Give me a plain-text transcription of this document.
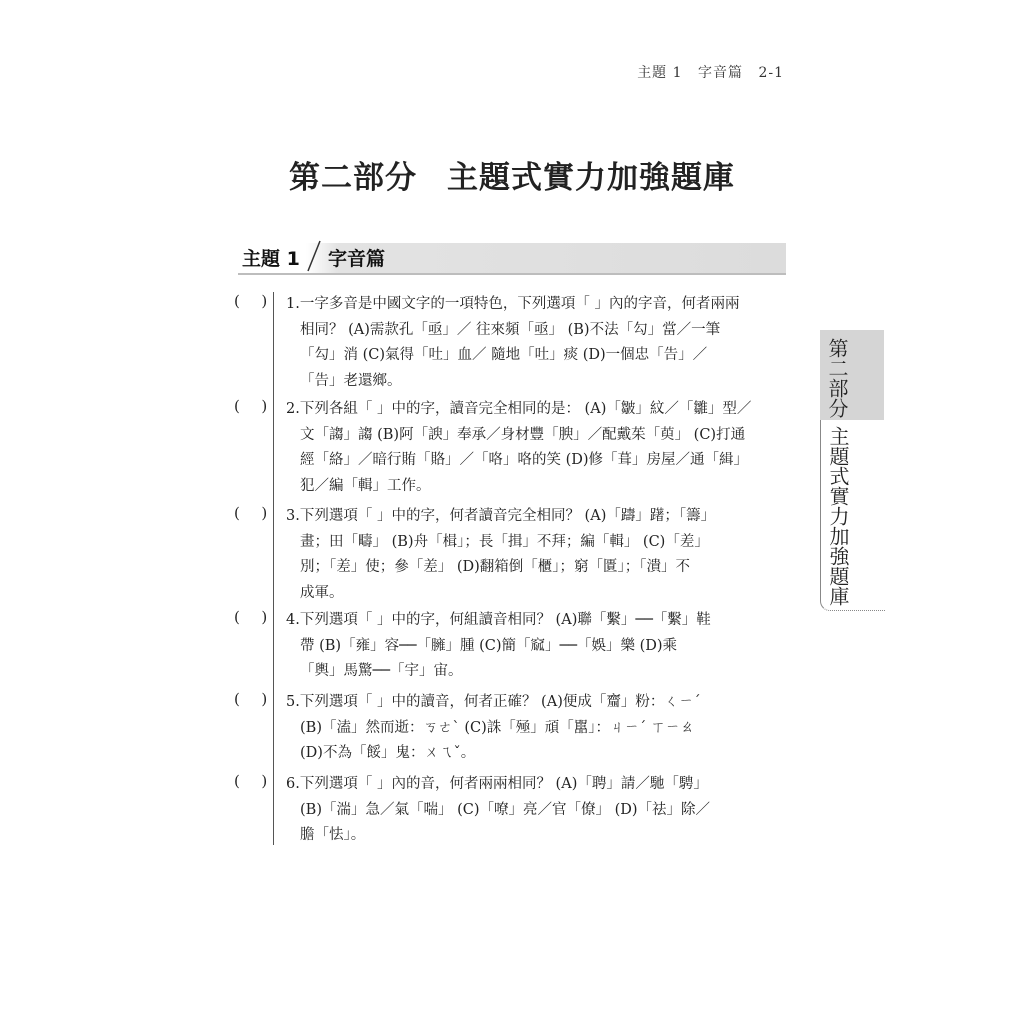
主題 1 字音篇 2-1
第二部分 主題式實力加強題庫
主題 1 字音篇
(  ) 1.一字多音是中國文字的一項特色，下列選項「 」內的字音，何者兩兩
相同？ (A)需款孔「亟」／ 往來頻「亟」 (B)不法「勾」當／一筆
「勾」消 (C)氣得「吐」血／ 隨地「吐」痰 (D)一個忠「告」／
「告」老還鄉。
(  ) 2.下列各組「 」中的字，讀音完全相同的是： (A)「皺」紋／「雛」型／
文「謅」謅 (B)阿「諛」奉承／身材豐「腴」／配戴茱「萸」 (C)打通
經「絡」／暗行賄「賂」／「咯」咯的笑 (D)修「葺」房屋／通「緝」
犯／編「輯」工作。
(  ) 3.下列選項「 」中的字，何者讀音完全相同？ (A)「躊」躇；「籌」
畫；田「疇」 (B)舟「楫」；長「揖」不拜；編「輯」 (C)「差」
別；「差」使；參「差」 (D)翻箱倒「櫃」；窮「匱」；「潰」不
成軍。
(  ) 4.下列選項「 」中的字，何組讀音相同？ (A)聯「繫」──「繫」鞋
帶 (B)「雍」容──「臃」腫 (C)簡「窳」──「娛」樂 (D)乘
「輿」馬驚──「宇」宙。
(  ) 5.下列選項「 」中的讀音，何者正確？ (A)便成「齏」粉：ㄑㄧˊ
(B)「溘」然而逝：ㄎㄜˋ (C)誅「殛」頑「嚚」：ㄐㄧˊ ㄒㄧㄠ
(D)不為「餒」鬼：ㄨㄟˇ。
(  ) 6.下列選項「 」內的音，何者兩兩相同？ (A)「聘」請／馳「騁」
(B)「湍」急／氣「喘」 (C)「嘹」亮／官「僚」 (D)「祛」除／
膽「怯」。
第二部分
主題式實力加強題庫
